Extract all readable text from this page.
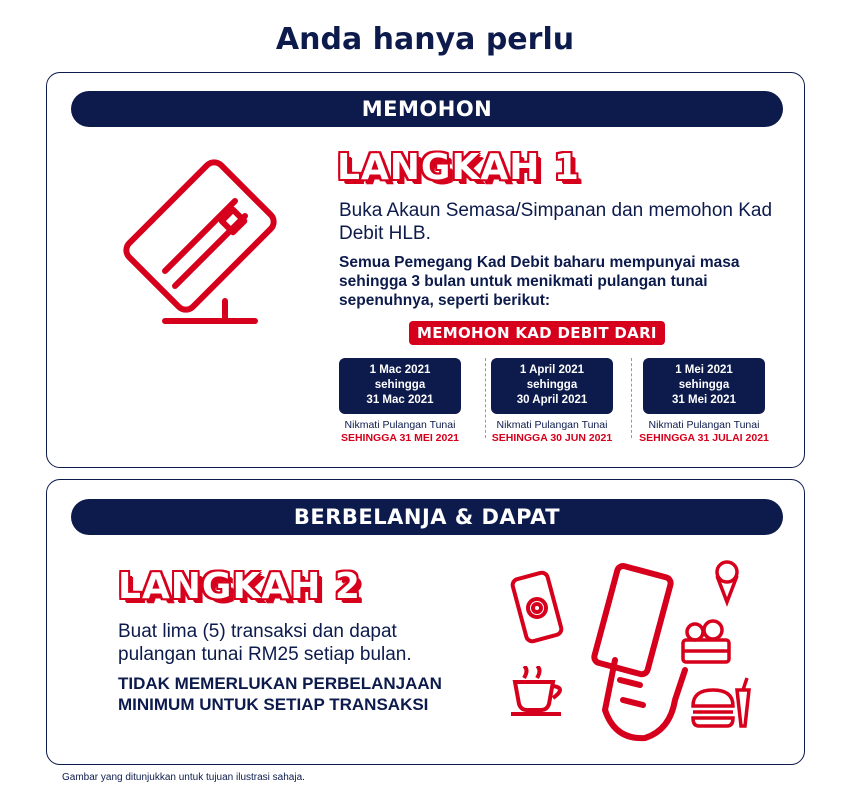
Anda hanya perlu
MEMOHON
LANGKAH 1
Buka Akaun Semasa/Simpanan dan memohon Kad Debit HLB.
Semua Pemegang Kad Debit baharu mempunyai masa sehingga 3 bulan untuk menikmati pulangan tunai sepenuhnya, seperti berikut:
MEMOHON KAD DEBIT DARI
1 Mac 2021
sehingga
31 Mac 2021
Nikmati Pulangan Tunai
SEHINGGA 31 MEI 2021
1 April 2021
sehingga
30 April 2021
Nikmati Pulangan Tunai
SEHINGGA 30 JUN 2021
1 Mei 2021
sehingga
31 Mei 2021
Nikmati Pulangan Tunai
SEHINGGA 31 JULAI 2021
BERBELANJA & DAPAT
LANGKAH 2
Buat lima (5) transaksi dan dapat pulangan tunai RM25 setiap bulan.
TIDAK MEMERLUKAN PERBELANJAAN MINIMUM UNTUK SETIAP TRANSAKSI
Gambar yang ditunjukkan untuk tujuan ilustrasi sahaja.
